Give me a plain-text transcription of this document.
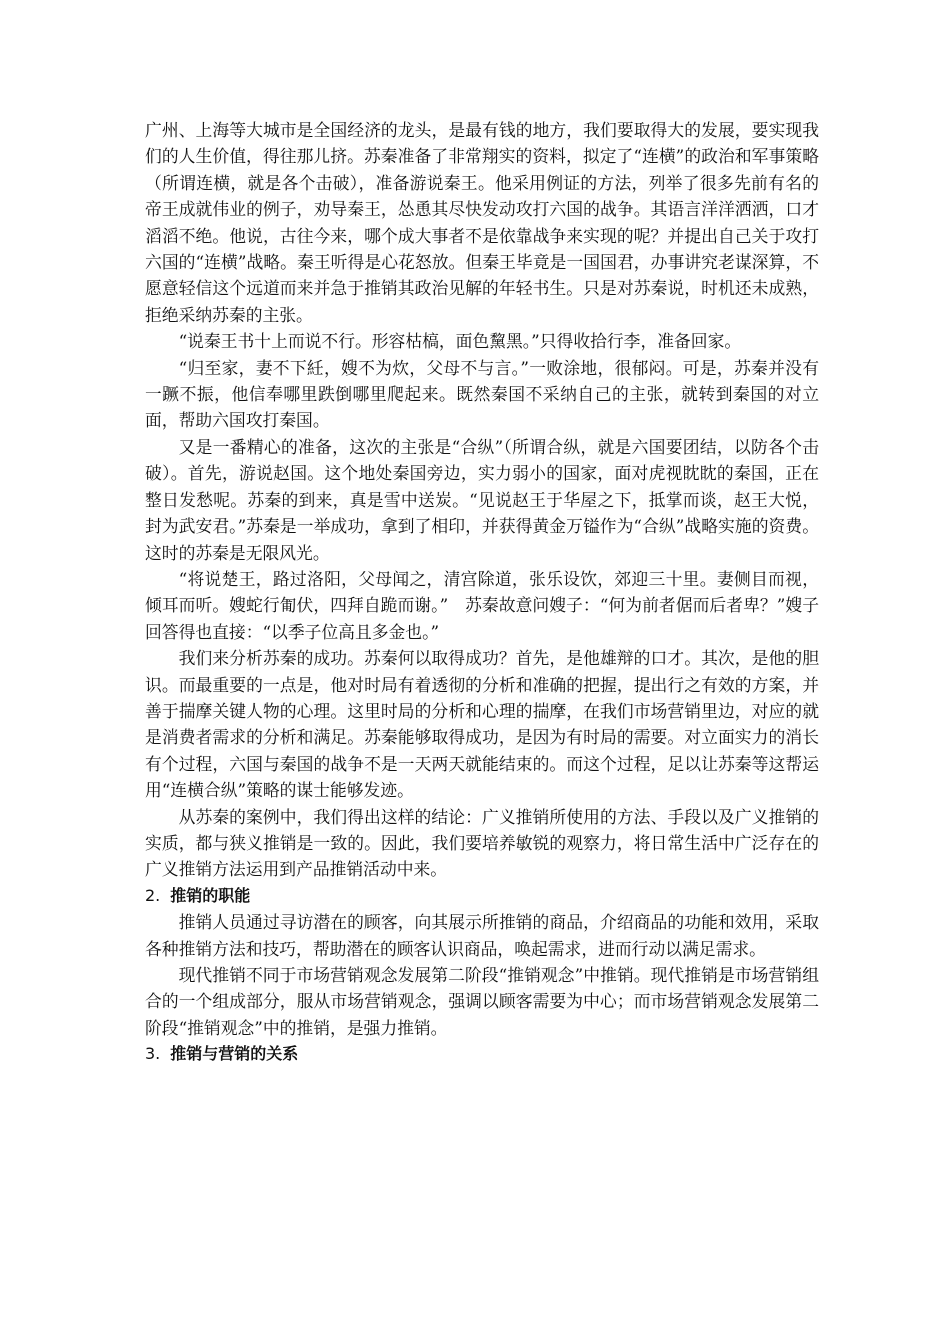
广州、上海等大城市是全国经济的龙头，是最有钱的地方，我们要取得大的发展，要实现我们的人生价值，得往那儿挤。苏秦准备了非常翔实的资料，拟定了“连横”的政治和军事策略（所谓连横，就是各个击破），准备游说秦王。他采用例证的方法，列举了很多先前有名的帝王成就伟业的例子，劝导秦王，怂恿其尽快发动攻打六国的战争。其语言洋洋洒洒，口才滔滔不绝。他说，古往今来，哪个成大事者不是依靠战争来实现的呢？并提出自己关于攻打六国的“连横”战略。秦王听得是心花怒放。但秦王毕竟是一国国君，办事讲究老谋深算，不愿意轻信这个远道而来并急于推销其政治见解的年轻书生。只是对苏秦说，时机还未成熟，拒绝采纳苏秦的主张。

“说秦王书十上而说不行。形容枯槁，面色黧黑。”只得收拾行李，准备回家。

“归至家，妻不下紝，嫂不为炊，父母不与言。”一败涂地，很郁闷。可是，苏秦并没有一蹶不振，他信奉哪里跌倒哪里爬起来。既然秦国不采纳自己的主张，就转到秦国的对立面，帮助六国攻打秦国。

又是一番精心的准备，这次的主张是“合纵”（所谓合纵，就是六国要团结，以防各个击破）。首先，游说赵国。这个地处秦国旁边，实力弱小的国家，面对虎视眈眈的秦国，正在整日发愁呢。苏秦的到来，真是雪中送炭。“见说赵王于华屋之下，抵掌而谈，赵王大悦，封为武安君。”苏秦是一举成功，拿到了相印，并获得黄金万镒作为“合纵”战略实施的资费。这时的苏秦是无限风光。

“将说楚王，路过洛阳，父母闻之，清宫除道，张乐设饮，郊迎三十里。妻侧目而视，倾耳而听。嫂蛇行匍伏，四拜自跪而谢。”　苏秦故意问嫂子：“何为前者倨而后者卑？”嫂子回答得也直接：“以季子位高且多金也。”

我们来分析苏秦的成功。苏秦何以取得成功？首先，是他雄辩的口才。其次，是他的胆识。而最重要的一点是，他对时局有着透彻的分析和准确的把握，提出行之有效的方案，并善于揣摩关键人物的心理。这里时局的分析和心理的揣摩，在我们市场营销里边，对应的就是消费者需求的分析和满足。苏秦能够取得成功，是因为有时局的需要。对立面实力的消长有个过程，六国与秦国的战争不是一天两天就能结束的。而这个过程，足以让苏秦等这帮运用“连横合纵”策略的谋士能够发迹。

从苏秦的案例中，我们得出这样的结论：广义推销所使用的方法、手段以及广义推销的实质，都与狭义推销是一致的。因此，我们要培养敏锐的观察力，将日常生活中广泛存在的广义推销方法运用到产品推销活动中来。

2. 推销的职能

推销人员通过寻访潜在的顾客，向其展示所推销的商品，介绍商品的功能和效用，采取各种推销方法和技巧，帮助潜在的顾客认识商品，唤起需求，进而行动以满足需求。

现代推销不同于市场营销观念发展第二阶段“推销观念”中推销。现代推销是市场营销组合的一个组成部分，服从市场营销观念，强调以顾客需要为中心；而市场营销观念发展第二阶段“推销观念”中的推销，是强力推销。

3. 推销与营销的关系
